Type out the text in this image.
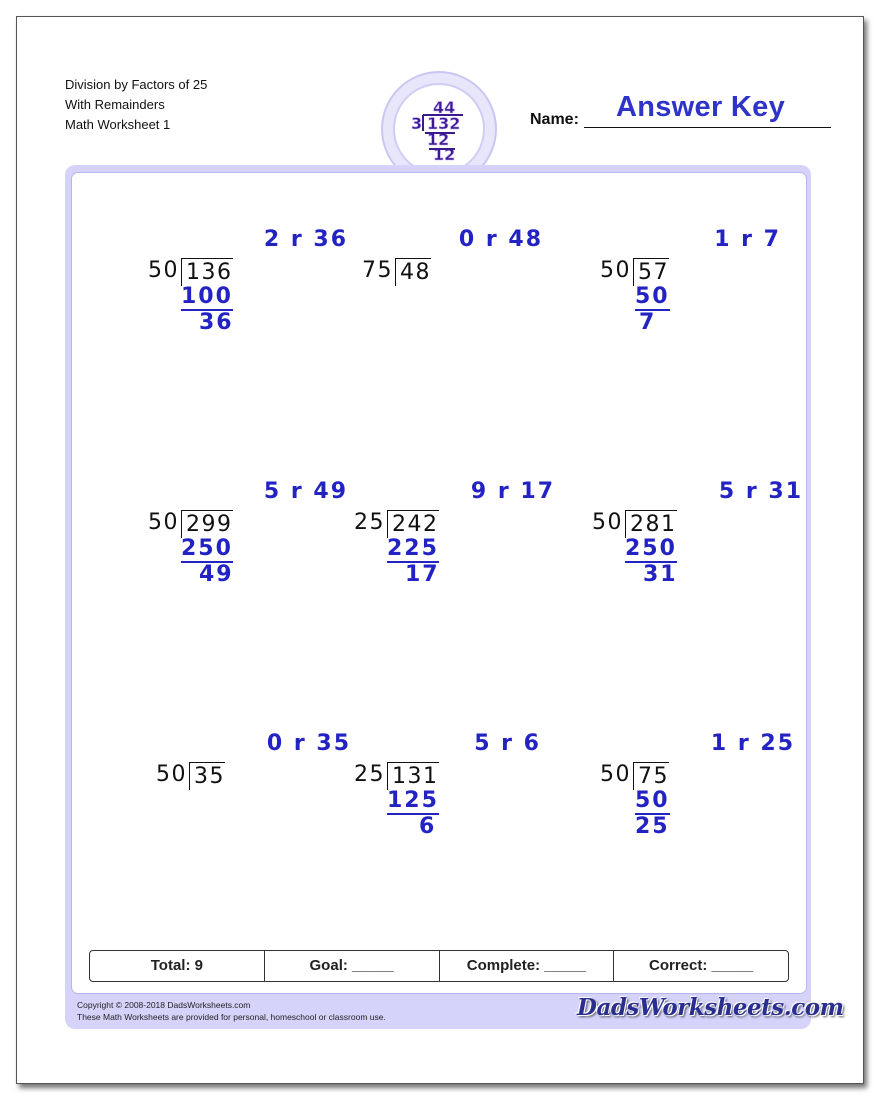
Division by Factors of 25
With Remainders
Math Worksheet 1
44
3 132
12
12
Answer Key
Name:
2 r 36
50 136
100
36
0 r 48
75 48
1 r 7
50 57
50
7
5 r 49
50 299
250
49
9 r 17
25 242
225
17
5 r 31
50 281
250
31
0 r 35
50 35
5 r 6
25 131
125
6
1 r 25
50 75
50
25
Total: 9	Goal: _____	Complete: _____	Correct: _____
Copyright © 2008-2018 DadsWorksheets.com
These Math Worksheets are provided for personal, homeschool or classroom use.	DadsWorksheets.com
